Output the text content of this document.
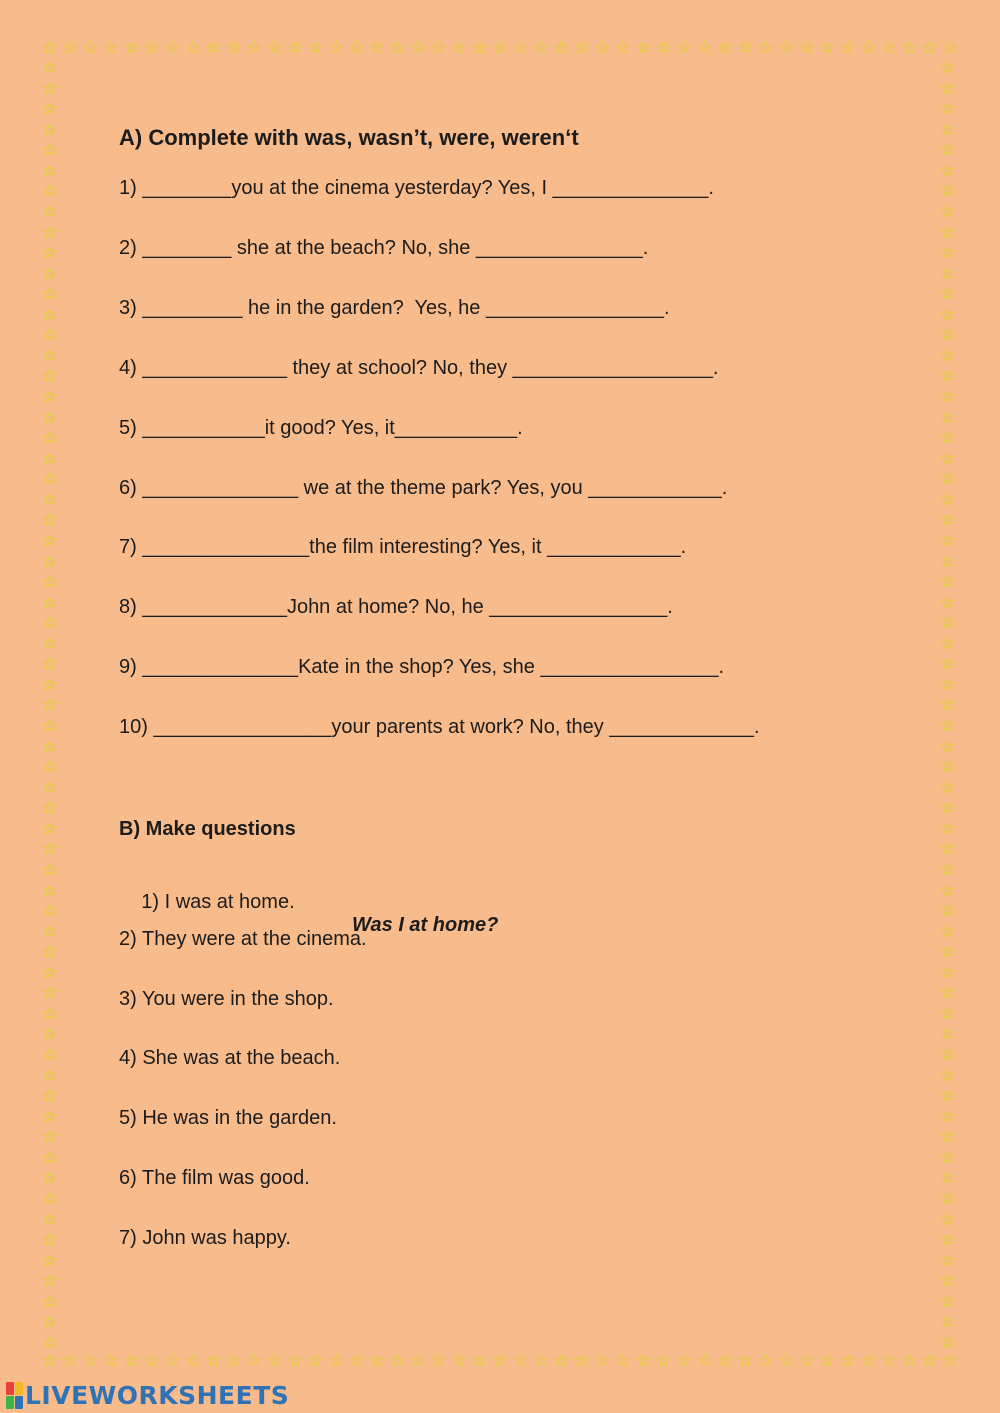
☆ ☆ ☆ ☆ ☆ ☆ ☆ ☆ ☆ ☆ ☆ ☆ ☆ ☆ ☆ ☆ ☆ ☆ ☆ ☆ ☆ ☆ ☆ ☆ ☆ ☆ ☆ ☆ ☆ ☆ ☆ ☆ ☆ ☆ ☆ ☆ ☆ ☆ ☆ ☆ ☆ ☆ ☆ ☆ ☆
☆ ☆ ☆ ☆ ☆ ☆ ☆ ☆ ☆ ☆ ☆ ☆ ☆ ☆ ☆ ☆ ☆ ☆ ☆ ☆ ☆ ☆ ☆ ☆ ☆ ☆ ☆ ☆ ☆ ☆ ☆ ☆ ☆ ☆ ☆ ☆ ☆ ☆ ☆ ☆ ☆ ☆ ☆ ☆ ☆
☆
☆
☆
☆
☆
☆
☆
☆
☆
☆
☆
☆
☆
☆
☆
☆
☆
☆
☆
☆
☆
☆
☆
☆
☆
☆
☆
☆
☆
☆
☆
☆
☆
☆
☆
☆
☆
☆
☆
☆
☆
☆
☆
☆
☆
☆
☆
☆
☆
☆
☆
☆
☆
☆
☆
☆
☆
☆
☆
☆
☆
☆
☆
☆
☆
☆
☆
☆
☆
☆
☆
☆
☆
☆
☆
☆
☆
☆
☆
☆
☆
☆
☆
☆
☆
☆
☆
☆
☆
☆
☆
☆
☆
☆
☆
☆
☆
☆
☆
☆
☆
☆
☆
☆
☆
☆
☆
☆
☆
☆
☆
☆
☆
☆
☆
☆
☆
☆
☆
☆
☆
☆
☆
☆
☆
☆
A) Complete with was, wasn’t, were, weren‘t
1) ________you at the cinema yesterday? Yes, I ______________.
2) ________ she at the beach? No, she _______________.
3) _________ he in the garden?  Yes, he ________________.
4) _____________ they at school? No, they __________________.
5) ___________it good? Yes, it___________.
6) ______________ we at the theme park? Yes, you ____________.
7) _______________the film interesting? Yes, it ____________.
8) _____________John at home? No, he ________________.
9) ______________Kate in the shop? Yes, she ________________.
10) ________________your parents at work? No, they _____________.
B) Make questions

1) I was at home.

Was I at home?

2) They were at the cinema.
3) You were in the shop.
4) She was at the beach.
5) He was in the garden.
6) The film was good.
7) John was happy.
LIVEWORKSHEETS
